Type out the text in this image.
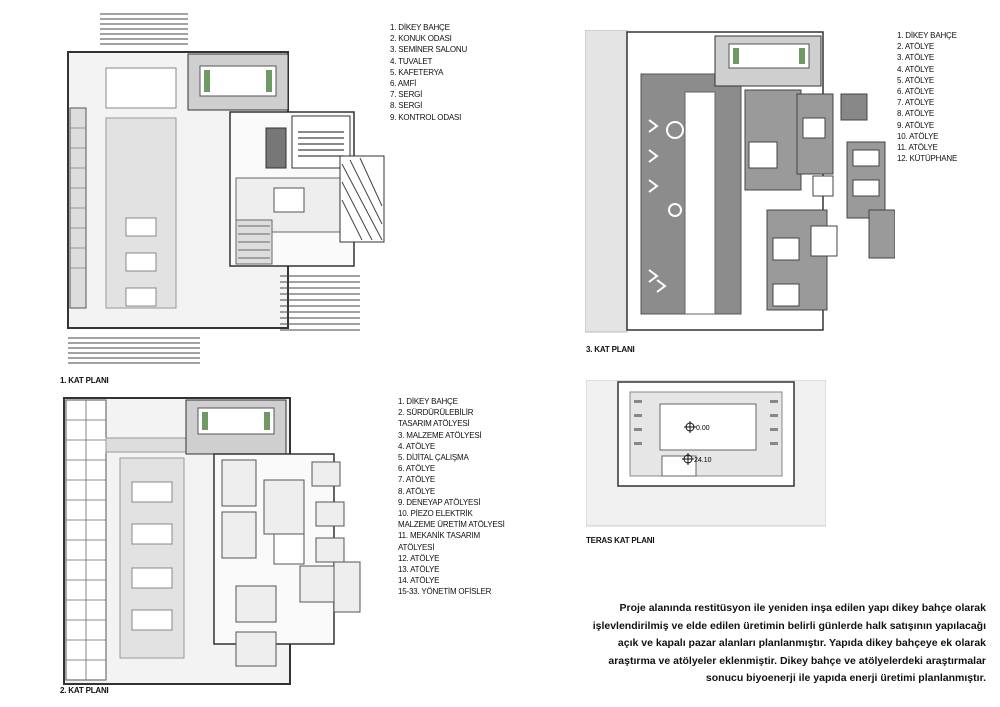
1. KAT PLANI
1. DİKEY BAHÇE
2. KONUK ODASI
3. SEMİNER SALONU
4. TUVALET
5. KAFETERYA
6. AMFİ
7. SERGİ
8. SERGİ
9. KONTROL ODASI
3. KAT PLANI
1. DİKEY BAHÇE
2. ATÖLYE
3. ATÖLYE
4. ATÖLYE
5. ATÖLYE
6. ATÖLYE
7. ATÖLYE
8. ATÖLYE
9. ATÖLYE
10. ATÖLYE
11. ATÖLYE
12. KÜTÜPHANE
2. KAT PLANI
1. DİKEY BAHÇE
2. SÜRDÜRÜLEBİLİR
TASARIM ATÖLYESİ
3. MALZEME ATÖLYESİ
4. ATÖLYE
5. DİJİTAL ÇALIŞMA
6. ATÖLYE
7. ATÖLYE
8. ATÖLYE
9. DENEYAP ATÖLYESİ
10. PİEZO ELEKTRİK
MALZEME ÜRETİM ATÖLYESİ
11. MEKANİK TASARIM
ATÖLYESİ
12. ATÖLYE
13. ATÖLYE
14. ATÖLYE
15-33. YÖNETİM OFİSLER
0.00
24.10
TERAS KAT PLANI
Proje alanında restitüsyon ile yeniden inşa edilen yapı dikey bahçe olarak
işlevlendirilmiş ve elde edilen üretimin belirli günlerde halk satışının yapılacağı
açık ve kapalı pazar alanları planlanmıştır. Yapıda dikey bahçeye ek olarak
araştırma ve atölyeler eklenmiştir. Dikey bahçe ve atölyelerdeki araştırmalar
sonucu biyoenerji ile yapıda enerji üretimi planlanmıştır.
